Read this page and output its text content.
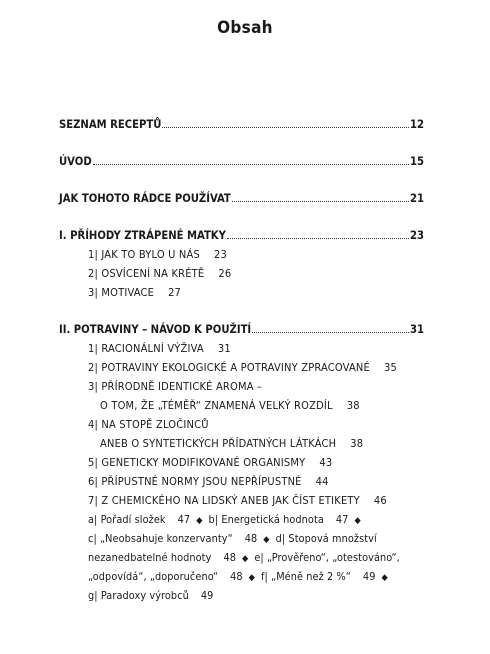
Obsah
SEZNAM RECEPTŮ	12
ÚVOD	15
JAK TOHOTO RÁDCE POUŽÍVAT	21
I. PŘÍHODY ZTRÁPENÉ MATKY	23
1| JAK TO BYLO U NÁS 23
2| OSVÍCENÍ NA KRÉTĚ 26
3| MOTIVACE 27
II. POTRAVINY – NÁVOD K POUŽITÍ	31
1| RACIONÁLNÍ VÝŽIVA 31
2| POTRAVINY EKOLOGICKÉ A POTRAVINY ZPRACOVANÉ 35
3| PŘÍRODNĚ IDENTICKÉ AROMA –
O TOM, ŽE „TÉMĚŘ“ ZNAMENÁ VELKÝ ROZDÍL 38
4| NA STOPĚ ZLOČINCŮ
ANEB O SYNTETICKÝCH PŘÍDATNÝCH LÁTKÁCH 38
5| GENETICKY MODIFIKOVANÉ ORGANISMY 43
6| PŘÍPUSTNÉ NORMY JSOU NEPŘÍPUSTNÉ 44
7| Z CHEMICKÉHO NA LIDSKÝ ANEB JAK ČÍST ETIKETY 46
a| Pořadí složek 47 ◆ b| Energetická hodnota 47 ◆
c| „Neobsahuje konzervanty“ 48 ◆ d| Stopová množství
nezanedbatelné hodnoty 48 ◆ e| „Prověřeno“, „otestováno“,
„odpovídá“, „doporučeno“ 48 ◆ f| „Méně než 2 %“ 49 ◆
g| Paradoxy výrobců 49
